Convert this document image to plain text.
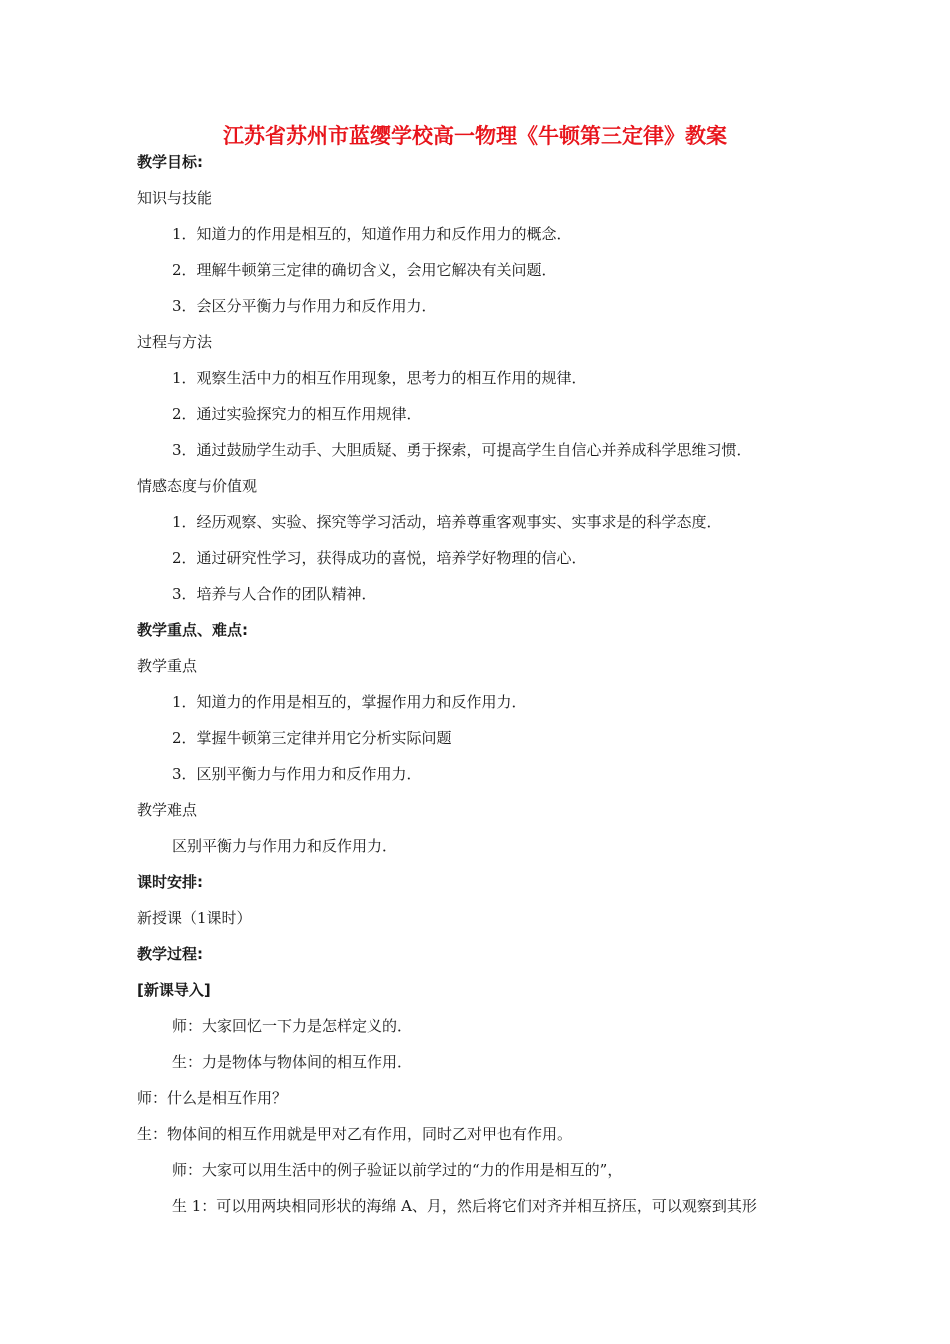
江苏省苏州市蓝缨学校高一物理《牛顿第三定律》教案
教学目标:
知识与技能
1．知道力的作用是相互的，知道作用力和反作用力的概念．
2．理解牛顿第三定律的确切含义，会用它解决有关问题．
3．会区分平衡力与作用力和反作用力．
过程与方法
1．观察生活中力的相互作用现象，思考力的相互作用的规律．
2．通过实验探究力的相互作用规律．
3．通过鼓励学生动手、大胆质疑、勇于探索，可提高学生自信心并养成科学思维习惯．
情感态度与价值观
1．经历观察、实验、探究等学习活动，培养尊重客观事实、实事求是的科学态度．
2．通过研究性学习，获得成功的喜悦，培养学好物理的信心．
3．培养与人合作的团队精神．
教学重点、难点:
教学重点
1．知道力的作用是相互的，掌握作用力和反作用力．
2．掌握牛顿第三定律并用它分析实际问题
3．区别平衡力与作用力和反作用力．
教学难点
区别平衡力与作用力和反作用力．
课时安排:
新授课（1课时）
教学过程:
[新课导入]
师：大家回忆一下力是怎样定义的．
生：力是物体与物体间的相互作用．
师：什么是相互作用？
生：物体间的相互作用就是甲对乙有作用，同时乙对甲也有作用。
师：大家可以用生活中的例子验证以前学过的“力的作用是相互的”，
生 1：可以用两块相同形状的海绵 A、月，然后将它们对齐并相互挤压，可以观察到其形
